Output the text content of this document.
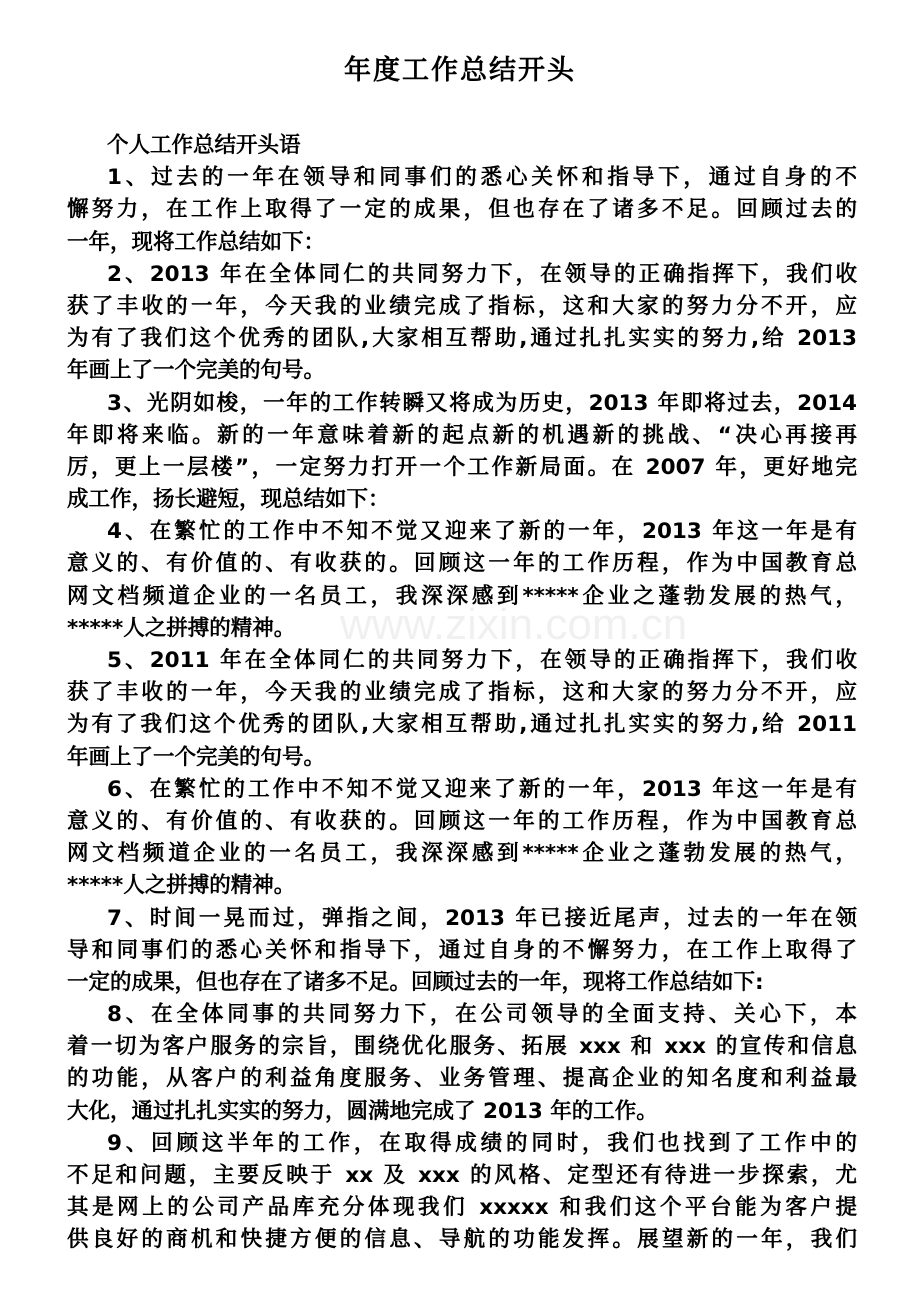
年度工作总结开头
www.zixin.com.cn
个人工作总结开头语
1、过去的一年在领导和同事们的悉心关怀和指导下，通过自身的不
懈努力，在工作上取得了一定的成果，但也存在了诸多不足。回顾过去的
一年，现将工作总结如下：
2、2013 年在全体同仁的共同努力下，在领导的正确指挥下，我们收
获了丰收的一年，今天我的业绩完成了指标，这和大家的努力分不开，应
为有了我们这个优秀的团队,大家相互帮助,通过扎扎实实的努力,给 2013
年画上了一个完美的句号。
3、光阴如梭，一年的工作转瞬又将成为历史，2013 年即将过去，2014
年即将来临。新的一年意味着新的起点新的机遇新的挑战、“决心再接再
厉，更上一层楼”，一定努力打开一个工作新局面。在 2007 年，更好地完
成工作，扬长避短，现总结如下：
4、在繁忙的工作中不知不觉又迎来了新的一年，2013 年这一年是有
意义的、有价值的、有收获的。回顾这一年的工作历程，作为中国教育总
网文档频道企业的一名员工，我深深感到*****企业之蓬勃发展的热气，
*****人之拼搏的精神。
5、2011 年在全体同仁的共同努力下，在领导的正确指挥下，我们收
获了丰收的一年，今天我的业绩完成了指标，这和大家的努力分不开，应
为有了我们这个优秀的团队,大家相互帮助,通过扎扎实实的努力,给 2011
年画上了一个完美的句号。
6、在繁忙的工作中不知不觉又迎来了新的一年，2013 年这一年是有
意义的、有价值的、有收获的。回顾这一年的工作历程，作为中国教育总
网文档频道企业的一名员工，我深深感到*****企业之蓬勃发展的热气，
*****人之拼搏的精神。
7、时间一晃而过，弹指之间，2013 年已接近尾声，过去的一年在领
导和同事们的悉心关怀和指导下，通过自身的不懈努力，在工作上取得了
一定的成果，但也存在了诸多不足。回顾过去的一年，现将工作总结如下:
8、在全体同事的共同努力下，在公司领导的全面支持、关心下，本
着一切为客户服务的宗旨，围绕优化服务、拓展 xxx 和 xxx 的宣传和信息
的功能，从客户的利益角度服务、业务管理、提高企业的知名度和利益最
大化，通过扎扎实实的努力，圆满地完成了 2013 年的工作。
9、回顾这半年的工作，在取得成绩的同时，我们也找到了工作中的
不足和问题，主要反映于 xx 及 xxx 的风格、定型还有待进一步探索，尤
其是网上的公司产品库充分体现我们 xxxxx 和我们这个平台能为客户提
供良好的商机和快捷方便的信息、导航的功能发挥。展望新的一年，我们
